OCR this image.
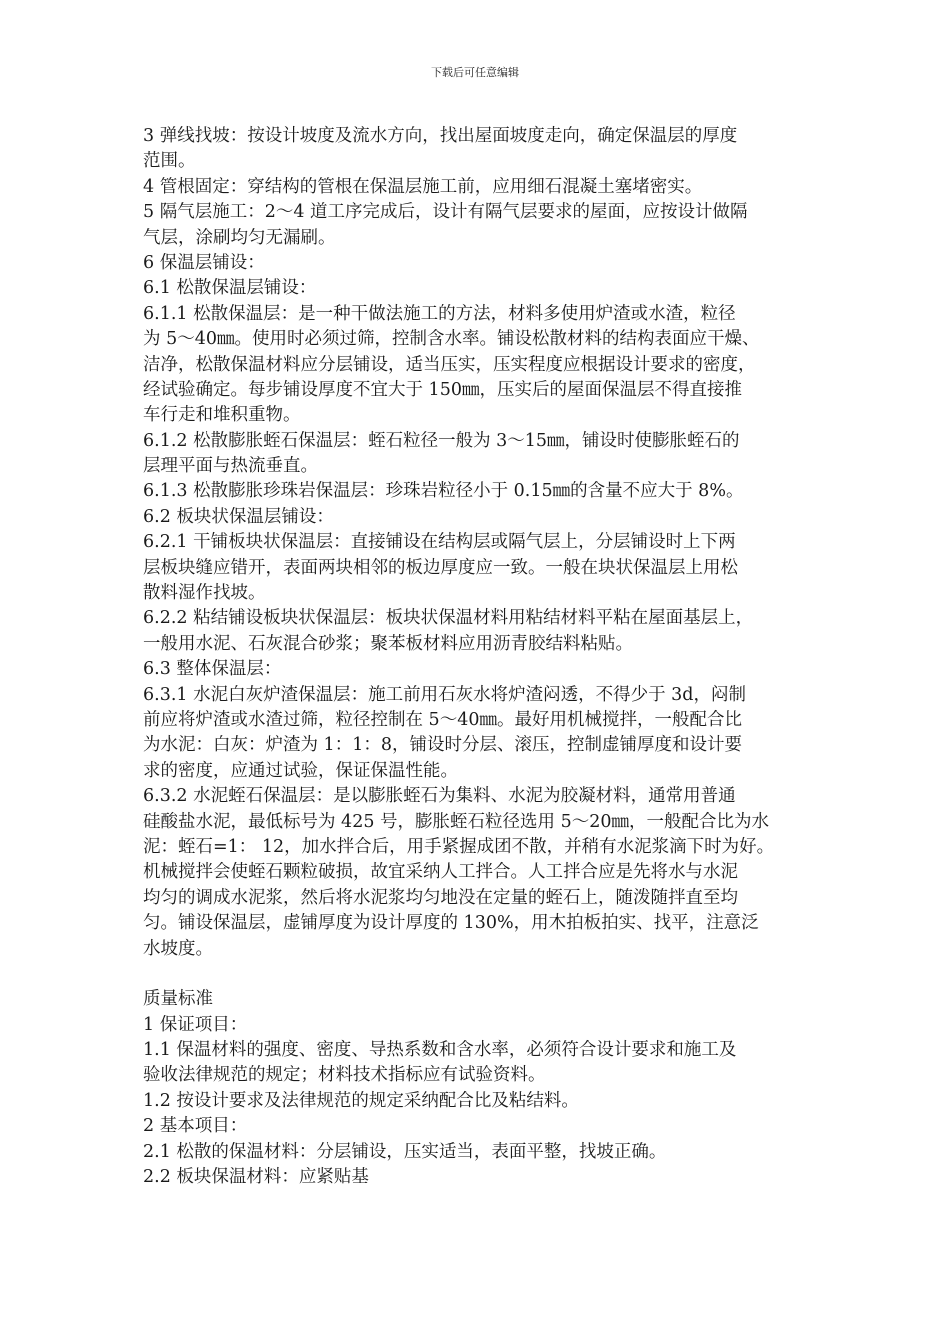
下载后可任意编辑
3 弹线找坡：按设计坡度及流水方向，找出屋面坡度走向，确定保温层的厚度
范围。
4 管根固定：穿结构的管根在保温层施工前，应用细石混凝土塞堵密实。
5 隔气层施工：2～4 道工序完成后，设计有隔气层要求的屋面，应按设计做隔
气层，涂刷均匀无漏刷。
6 保温层铺设：
6.1 松散保温层铺设：
6.1.1 松散保温层：是一种干做法施工的方法，材料多使用炉渣或水渣，粒径
为 5～40㎜。使用时必须过筛，控制含水率。铺设松散材料的结构表面应干燥、
洁净，松散保温材料应分层铺设，适当压实，压实程度应根据设计要求的密度，
经试验确定。每步铺设厚度不宜大于 150㎜，压实后的屋面保温层不得直接推
车行走和堆积重物。
6.1.2 松散膨胀蛭石保温层：蛭石粒径一般为 3～15㎜，铺设时使膨胀蛭石的
层理平面与热流垂直。
6.1.3 松散膨胀珍珠岩保温层：珍珠岩粒径小于 0.15㎜的含量不应大于 8%。
6.2 板块状保温层铺设：
6.2.1 干铺板块状保温层：直接铺设在结构层或隔气层上，分层铺设时上下两
层板块缝应错开，表面两块相邻的板边厚度应一致。一般在块状保温层上用松
散料湿作找坡。
6.2.2 粘结铺设板块状保温层：板块状保温材料用粘结材料平粘在屋面基层上，
一般用水泥、石灰混合砂浆；聚苯板材料应用沥青胶结料粘贴。
6.3 整体保温层：
6.3.1 水泥白灰炉渣保温层：施工前用石灰水将炉渣闷透，不得少于 3d，闷制
前应将炉渣或水渣过筛，粒径控制在 5～40㎜。最好用机械搅拌，一般配合比
为水泥：白灰：炉渣为 1：1：8，铺设时分层、滚压，控制虚铺厚度和设计要
求的密度，应通过试验，保证保温性能。
6.3.2 水泥蛭石保温层：是以膨胀蛭石为集料、水泥为胶凝材料，通常用普通
硅酸盐水泥，最低标号为 425 号，膨胀蛭石粒径选用 5～20㎜，一般配合比为水
泥：蛭石=1： 12，加水拌合后，用手紧握成团不散，并稍有水泥浆滴下时为好。
机械搅拌会使蛭石颗粒破损，故宜采纳人工拌合。人工拌合应是先将水与水泥
均匀的调成水泥浆，然后将水泥浆均匀地没在定量的蛭石上，随泼随拌直至均
匀。铺设保温层，虚铺厚度为设计厚度的 130%，用木拍板拍实、找平，注意泛
水坡度。
质量标准
1 保证项目：
1.1 保温材料的强度、密度、导热系数和含水率，必须符合设计要求和施工及
验收法律规范的规定；材料技术指标应有试验资料。
1.2 按设计要求及法律规范的规定采纳配合比及粘结料。
2 基本项目：
2.1 松散的保温材料：分层铺设，压实适当，表面平整，找坡正确。
2.2 板块保温材料：应紧贴基
